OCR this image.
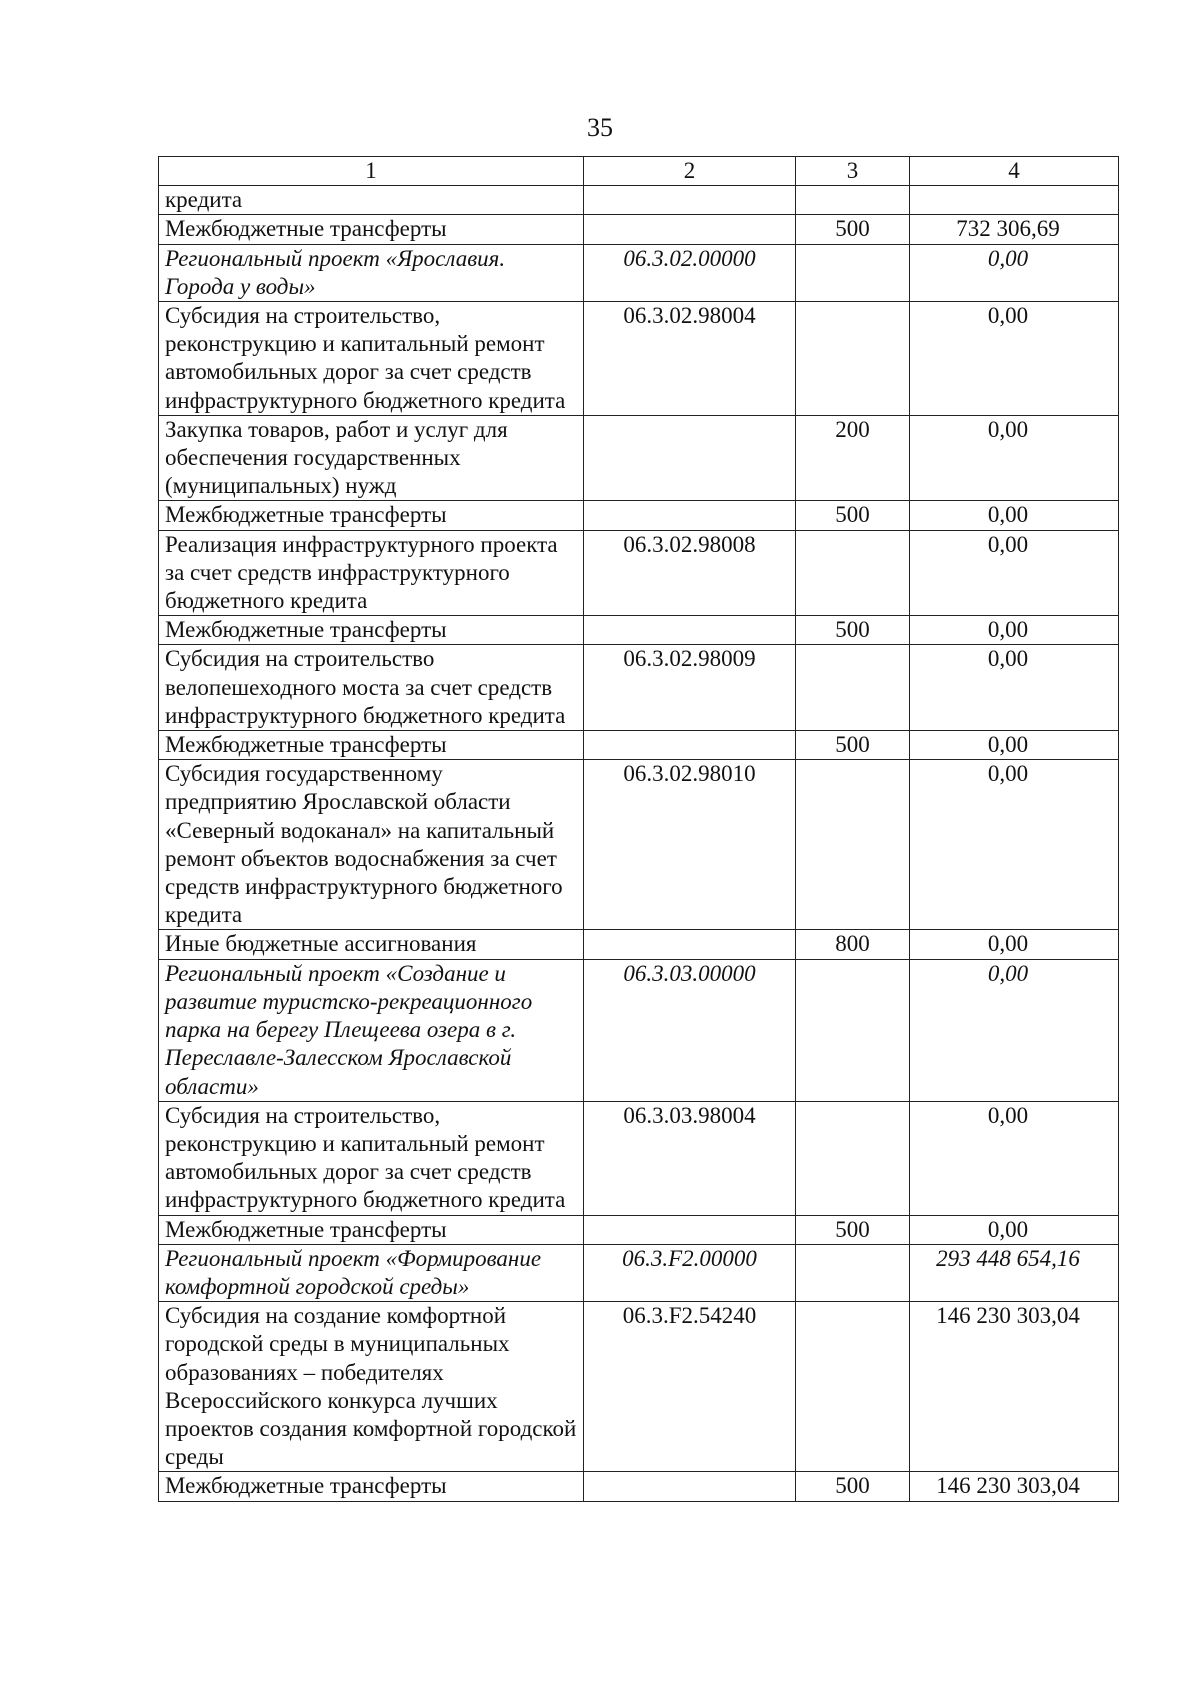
35
1	2	3	4
кредита			
Межбюджетные трансферты		500	732 306,69
Региональный проект «Ярославия. Города у воды»	06.3.02.00000		0,00
Субсидия на строительство, реконструкцию и капитальный ремонт автомобильных дорог за счет средств инфраструктурного бюджетного кредита	06.3.02.98004		0,00
Закупка товаров, работ и услуг для обеспечения государственных (муниципальных) нужд		200	0,00
Межбюджетные трансферты		500	0,00
Реализация инфраструктурного проекта за счет средств инфраструктурного бюджетного кредита	06.3.02.98008		0,00
Межбюджетные трансферты		500	0,00
Субсидия на строительство велопешеходного моста за счет средств инфраструктурного бюджетного кредита	06.3.02.98009		0,00
Межбюджетные трансферты		500	0,00
Субсидия государственному предприятию Ярославской области «Северный водоканал» на капитальный ремонт объектов водоснабжения за счет средств инфраструктурного бюджетного кредита	06.3.02.98010		0,00
Иные бюджетные ассигнования		800	0,00
Региональный проект «Создание и развитие туристско-рекреационного парка на берегу Плещеева озера в г. Переславле-Залесском Ярославской области»	06.3.03.00000		0,00
Субсидия на строительство, реконструкцию и капитальный ремонт автомобильных дорог за счет средств инфраструктурного бюджетного кредита	06.3.03.98004		0,00
Межбюджетные трансферты		500	0,00
Региональный проект «Формирование комфортной городской среды»	06.3.F2.00000		293 448 654,16
Субсидия на создание комфортной городской среды в муниципальных образованиях – победителях Всероссийского конкурса лучших проектов создания комфортной городской среды	06.3.F2.54240		146 230 303,04
Межбюджетные трансферты		500	146 230 303,04
